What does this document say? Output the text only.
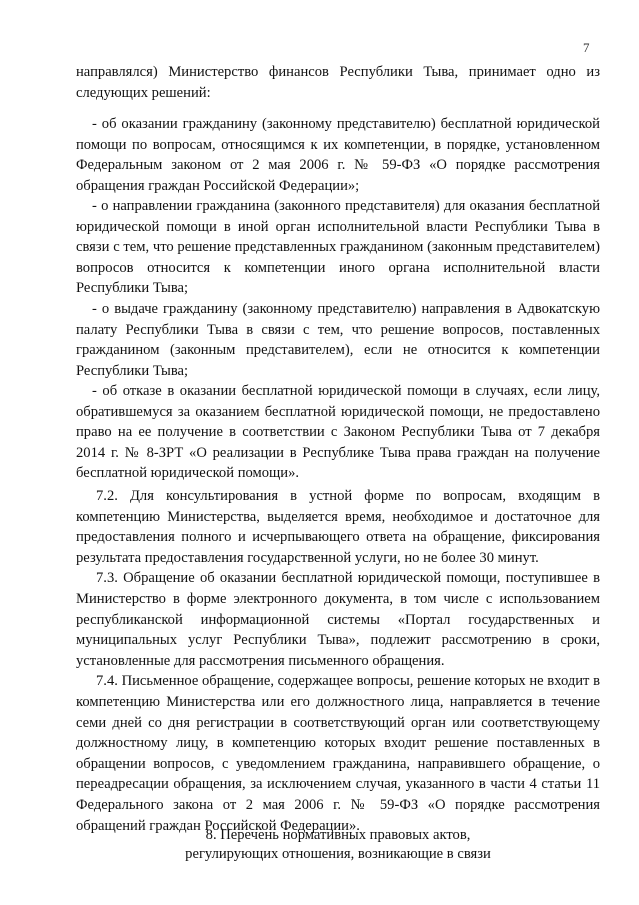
7

направлялся) Министерство финансов Республики Тыва, принимает одно из следующих решений:

- об оказании гражданину (законному представителю) бесплатной юридической помощи по вопросам, относящимся к их компетенции, в порядке, установленном Федеральным законом от 2 мая 2006 г. № 59-ФЗ «О порядке рассмотрения обращения граждан Российской Федерации»;

- о направлении гражданина (законного представителя) для оказания бесплатной юридической помощи в иной орган исполнительной власти Республики Тыва в связи с тем, что решение представленных гражданином (законным представителем) вопросов относится к компетенции иного органа исполнительной власти Республики Тыва;

- о выдаче гражданину (законному представителю) направления в Адвокатскую палату Республики Тыва в связи с тем, что решение вопросов, поставленных гражданином (законным представителем), если не относится к компетенции Республики Тыва;

- об отказе в оказании бесплатной юридической помощи в случаях, если лицу, обратившемуся за оказанием бесплатной юридической помощи, не предоставлено право на ее получение в соответствии с Законом Республики Тыва от 7 декабря 2014 г. № 8-ЗРТ «О реализации в Республике Тыва права граждан на получение бесплатной юридической помощи».

7.2. Для консультирования в устной форме по вопросам, входящим в компетенцию Министерства, выделяется время, необходимое и достаточное для предоставления полного и исчерпывающего ответа на обращение, фиксирования результата предоставления государственной услуги, но не более 30 минут.

7.3. Обращение об оказании бесплатной юридической помощи, поступившее в Министерство в форме электронного документа, в том числе с использованием республиканской информационной системы «Портал государственных и муниципальных услуг Республики Тыва», подлежит рассмотрению в сроки, установленные для рассмотрения письменного обращения.

7.4. Письменное обращение, содержащее вопросы, решение которых не входит в компетенцию Министерства или его должностного лица, направляется в течение семи дней со дня регистрации в соответствующий орган или соответствующему должностному лицу, в компетенцию которых входит решение поставленных в обращении вопросов, с уведомлением гражданина, направившего обращение, о переадресации обращения, за исключением случая, указанного в части 4 статьи 11 Федерального закона от 2 мая 2006 г. № 59-ФЗ «О порядке рассмотрения обращений граждан Российской Федерации».

8. Перечень нормативных правовых актов,
регулирующих отношения, возникающие в связи
